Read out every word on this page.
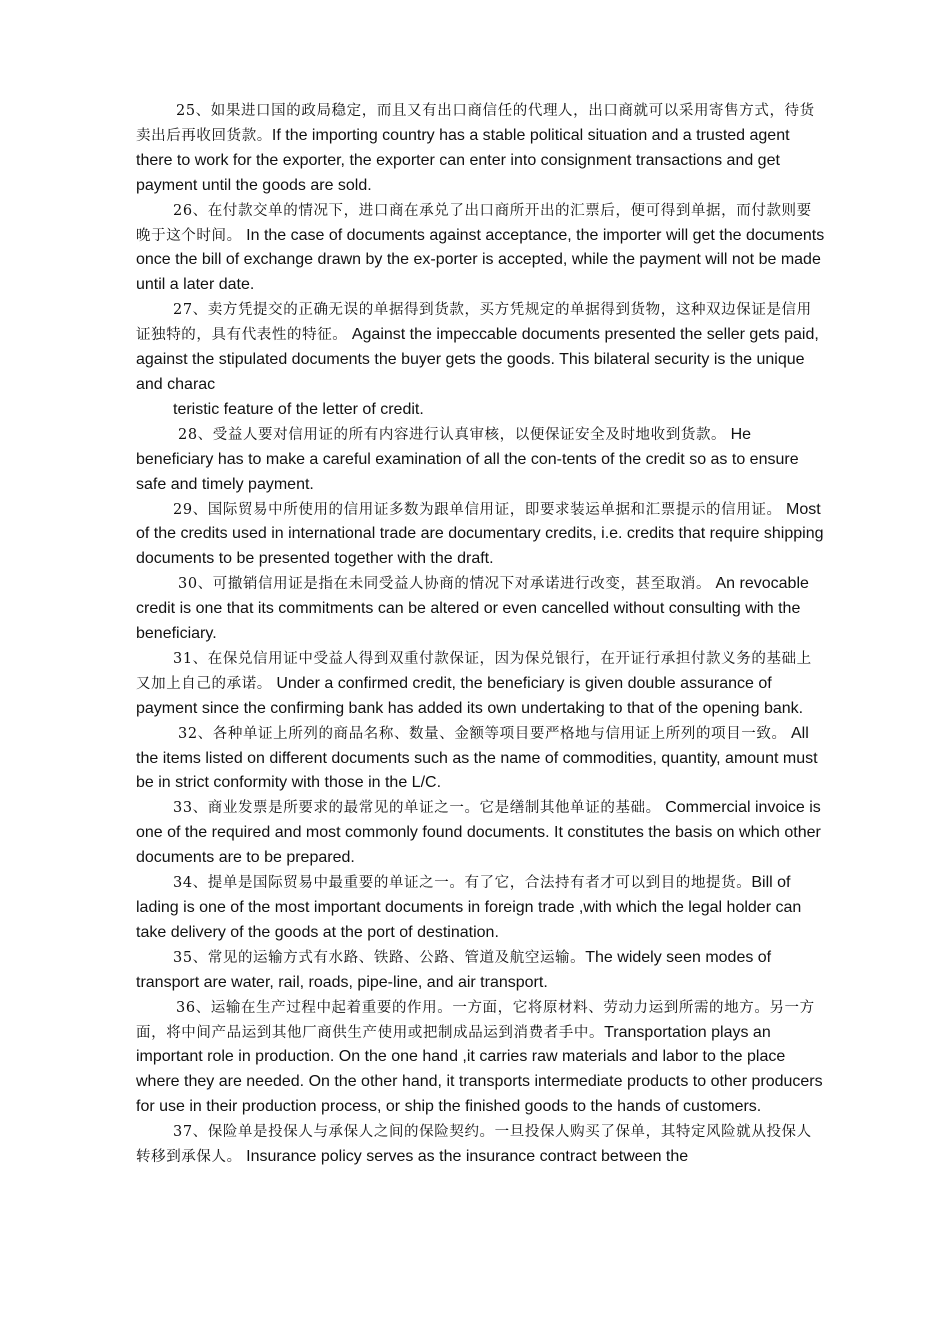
25、如果进口国的政局稳定，而且又有出口商信任的代理人，出口商就可以采用寄售方式，待货卖出后再收回货款。If the importing country has a stable political situation and a trusted agent there to work for the exporter, the exporter can enter into consignment transactions and get payment until the goods are sold.

26、在付款交单的情况下，进口商在承兑了出口商所开出的汇票后，便可得到单据，而付款则要晚于这个时间。 In the case of documents against acceptance, the importer will get the documents once the bill of exchange drawn by the ex-porter is accepted, while the payment will not be made until a later date.

27、卖方凭提交的正确无误的单据得到货款，买方凭规定的单据得到货物，这种双边保证是信用证独特的，具有代表性的特征。 Against the impeccable documents presented the seller gets paid, against the stipulated documents the buyer gets the goods. This bilateral security is the unique and charac

teristic feature of the letter of credit.

28、受益人要对信用证的所有内容进行认真审核，以便保证安全及时地收到货款。 He beneficiary has to make a careful examination of all the con-tents of the credit so as to ensure safe and timely payment.

29、国际贸易中所使用的信用证多数为跟单信用证，即要求装运单据和汇票提示的信用证。 Most of the credits used in international trade are documentary credits, i.e. credits that require shipping documents to be presented together with the draft.

30、可撤销信用证是指在未同受益人协商的情况下对承诺进行改变，甚至取消。 An revocable credit is one that its commitments can be altered or even cancelled without consulting with the beneficiary.

31、在保兑信用证中受益人得到双重付款保证，因为保兑银行，在开证行承担付款义务的基础上又加上自己的承诺。 Under a confirmed credit, the beneficiary is given double assurance of payment since the confirming bank has added its own undertaking to that of the opening bank.

32、各种单证上所列的商品名称、数量、金额等项目要严格地与信用证上所列的项目一致。 All the items listed on different documents such as the name of commodities, quantity, amount must be in strict conformity with those in the L/C.

33、商业发票是所要求的最常见的单证之一。它是缮制其他单证的基础。 Commercial invoice is one of the required and most commonly found documents. It constitutes the basis on which other documents are to be prepared.

34、提单是国际贸易中最重要的单证之一。有了它，合法持有者才可以到目的地提货。Bill of lading is one of the most important documents in foreign trade ,with which the legal holder can take delivery of the goods at the port of destination.

35、常见的运输方式有水路、铁路、公路、管道及航空运输。The widely seen modes of transport are water, rail, roads, pipe-line, and air transport.

36、运输在生产过程中起着重要的作用。一方面，它将原材料、劳动力运到所需的地方。另一方面，将中间产品运到其他厂商供生产使用或把制成品运到消费者手中。Transportation plays an important role in production. On the one hand ,it carries raw materials and labor to the place where they are needed. On the other hand, it transports intermediate products to other producers for use in their production process, or ship the finished goods to the hands of customers.

37、保险单是投保人与承保人之间的保险契约。一旦投保人购买了保单，其特定风险就从投保人转移到承保人。 Insurance policy serves as the insurance contract between the
